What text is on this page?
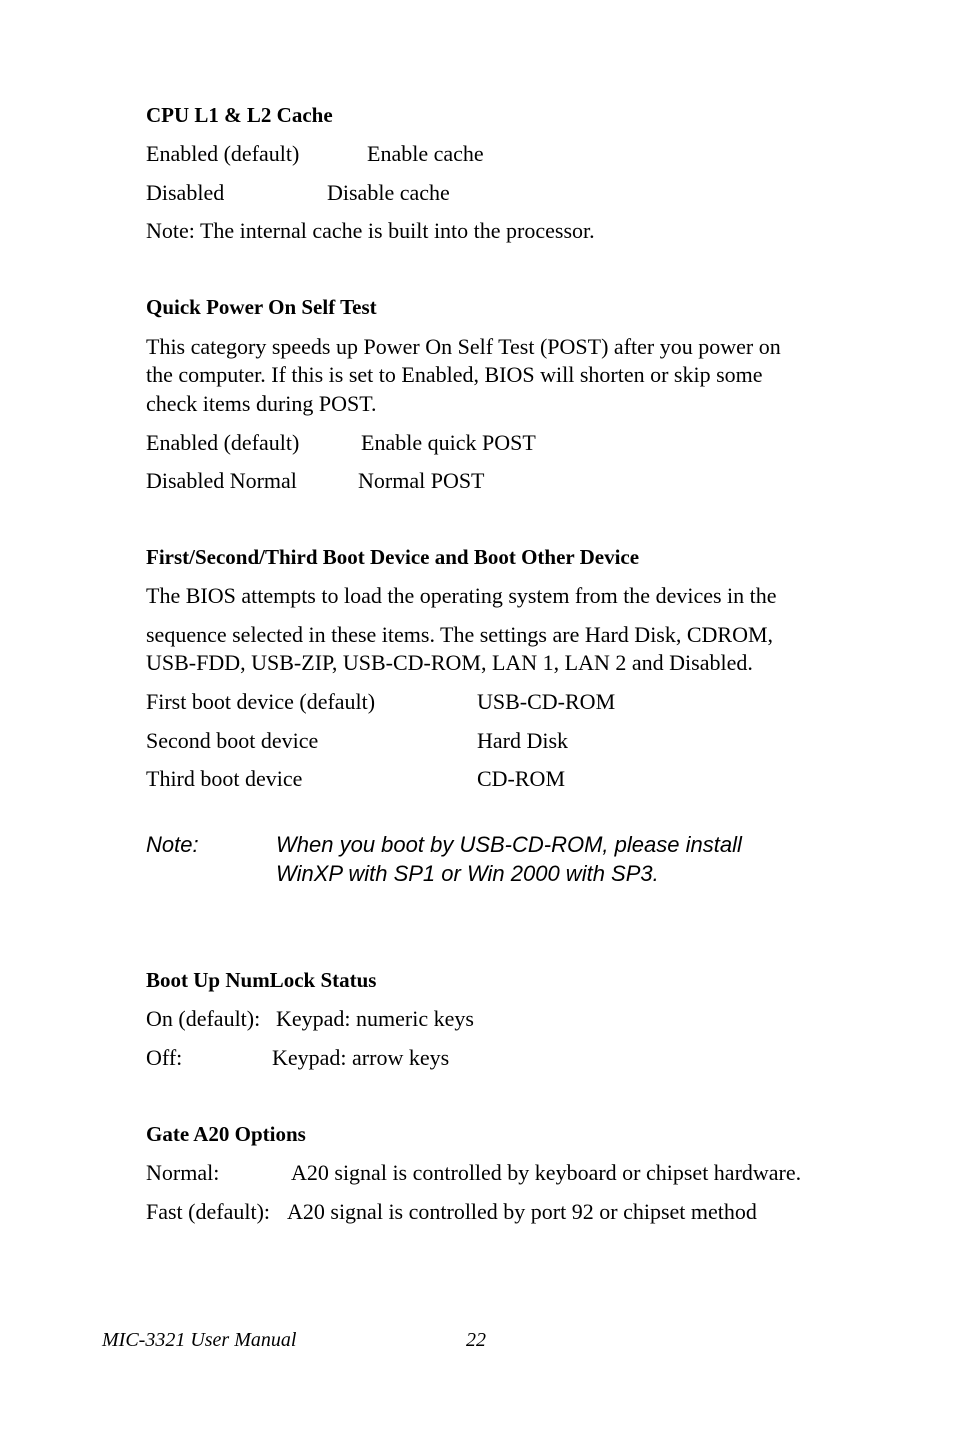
CPU L1 & L2 Cache
Enabled (default)	Enable cache
Disabled	Disable cache
Note: The internal cache is built into the processor.
Quick Power On Self Test
This category speeds up Power On Self Test (POST) after you power on
the computer. If this is set to Enabled, BIOS will shorten or skip some
check items during POST.
Enabled (default)	Enable quick POST
Disabled Normal	Normal POST
First/Second/Third Boot Device and Boot Other Device
The BIOS attempts to load the operating system from the devices in the
sequence selected in these items. The settings are Hard Disk, CDROM,
USB-FDD, USB-ZIP, USB-CD-ROM, LAN 1, LAN 2 and Disabled.
First boot device (default)	USB-CD-ROM
Second boot device	Hard Disk
Third boot device	CD-ROM
Note:	When you boot by USB-CD-ROM, please install
WinXP with SP1 or Win 2000 with SP3.
Boot Up NumLock Status
On (default): Keypad: numeric keys
Off:	Keypad: arrow keys
Gate A20 Options
Normal:	A20 signal is controlled by keyboard or chipset hardware.
Fast (default): A20 signal is controlled by port 92 or chipset method
MIC-3321 User Manual	22
